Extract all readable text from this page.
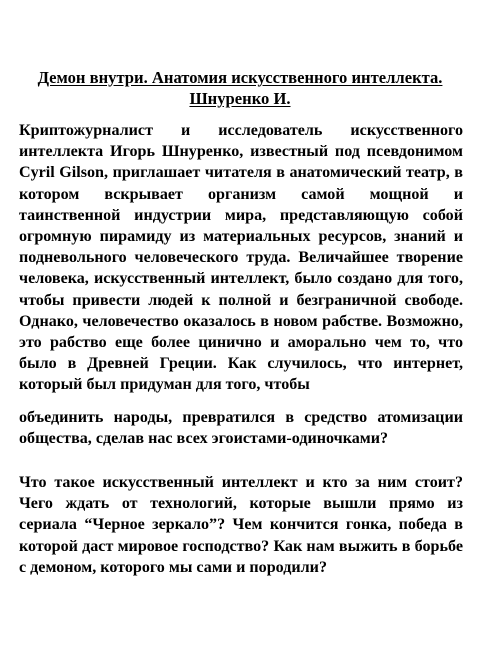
Демон внутри. Анатомия искусственного интеллекта. Шнуренко И.

Криптожурналист и исследователь искусственного интеллекта Игорь Шнуренко, известный под псевдонимом Cyril Gilson, приглашает читателя в анатомический театр, в котором вскрывает организм самой мощной и таинственной индустрии мира, представляющую собой огромную пирамиду из материальных ресурсов, знаний и подневольного человеческого труда. Величайшее творение человека, искусственный интеллект, было создано для того, чтобы привести людей к полной и безграничной свободе. Однако, человечество оказалось в новом рабстве. Возможно, это рабство еще более цинично и аморально чем то, что было в Древней Греции. Как случилось, что интернет, который был придуман для того, чтобы

объединить народы, превратился в средство атомизации общества, сделав нас всех эгоистами-одиночками?

Что такое искусственный интеллект и кто за ним стоит? Чего ждать от технологий, которые вышли прямо из сериала “Черное зеркало”? Чем кончится гонка, победа в которой даст мировое господство? Как нам выжить в борьбе с демоном, которого мы сами и породили?
